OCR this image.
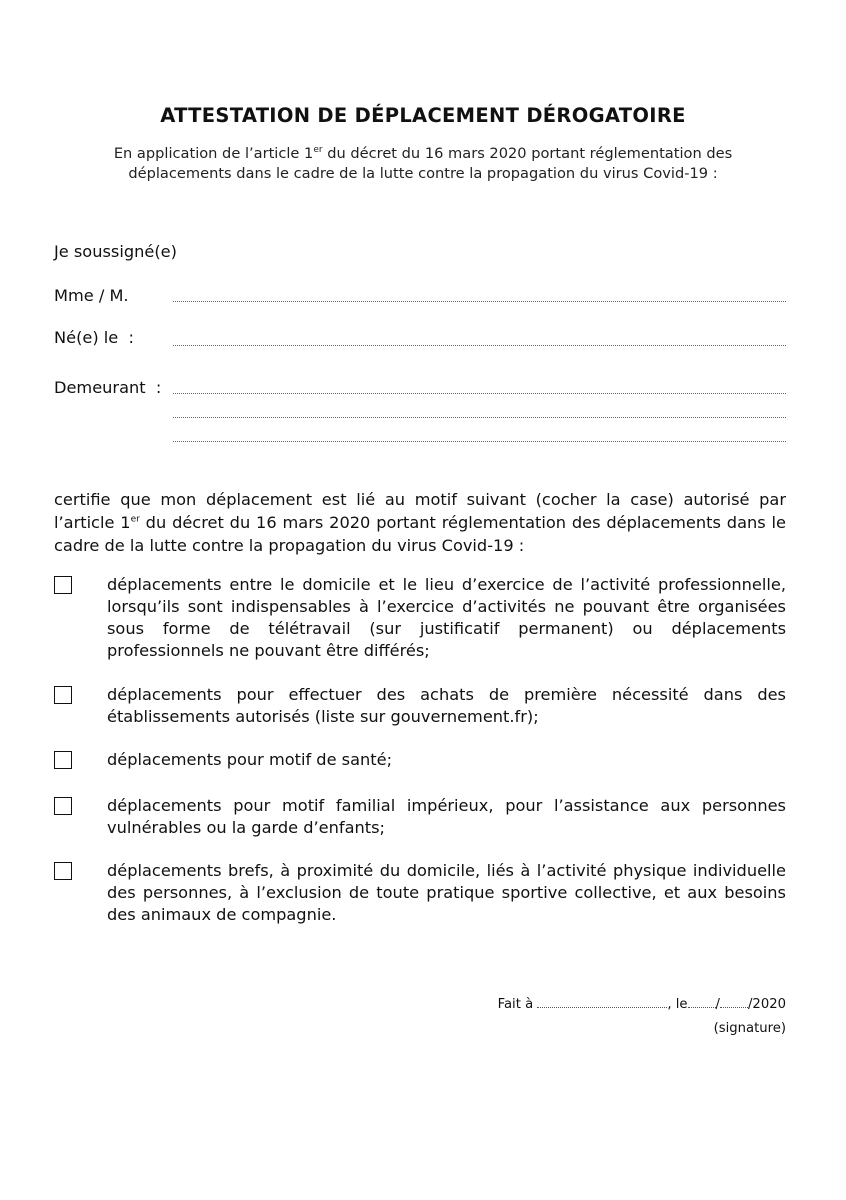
ATTESTATION DE DÉPLACEMENT DÉROGATOIRE
En application de l’article 1er du décret du 16 mars 2020 portant réglementation des déplacements dans le cadre de la lutte contre la propagation du virus Covid-19 :
Je soussigné(e)
Mme / M.
Né(e) le  :
Demeurant  :
certifie que mon déplacement est lié au motif suivant (cocher la case) autorisé par l’article 1er du décret du 16 mars 2020 portant réglementation des déplacements dans le cadre de la lutte contre la propagation du virus Covid-19 :
déplacements entre le domicile et le lieu d’exercice de l’activité professionnelle, lorsqu’ils sont indispensables à l’exercice d’activités ne pouvant être organisées sous forme de télétravail (sur justificatif permanent) ou déplacements professionnels ne pouvant être différés;
déplacements pour effectuer des achats de première nécessité dans des établissements autorisés (liste sur gouvernement.fr);
déplacements pour motif de santé;
déplacements pour motif familial impérieux, pour l’assistance aux personnes vulnérables ou la garde d’enfants;
déplacements brefs, à proximité du domicile, liés à l’activité physique individuelle des personnes, à l’exclusion de toute pratique sportive collective, et aux besoins des animaux de compagnie.
Fait à	, le / /2020
(signature)
